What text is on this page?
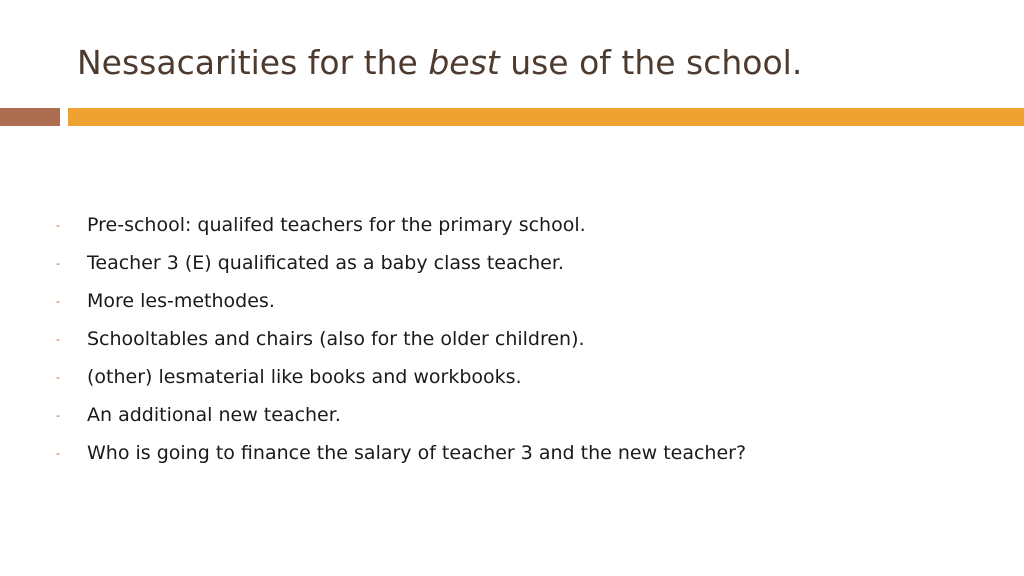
Nessacarities for the best use of the school.
-	Pre-school: qualifed teachers for the primary school.
-	Teacher 3 (E) qualificated as a baby class teacher.
-	More les-methodes.
-	Schooltables and chairs (also for the older children).
-	(other) lesmaterial like books and workbooks.
-	An additional new teacher.
-	Who is going to finance the salary of teacher 3 and the new teacher?
